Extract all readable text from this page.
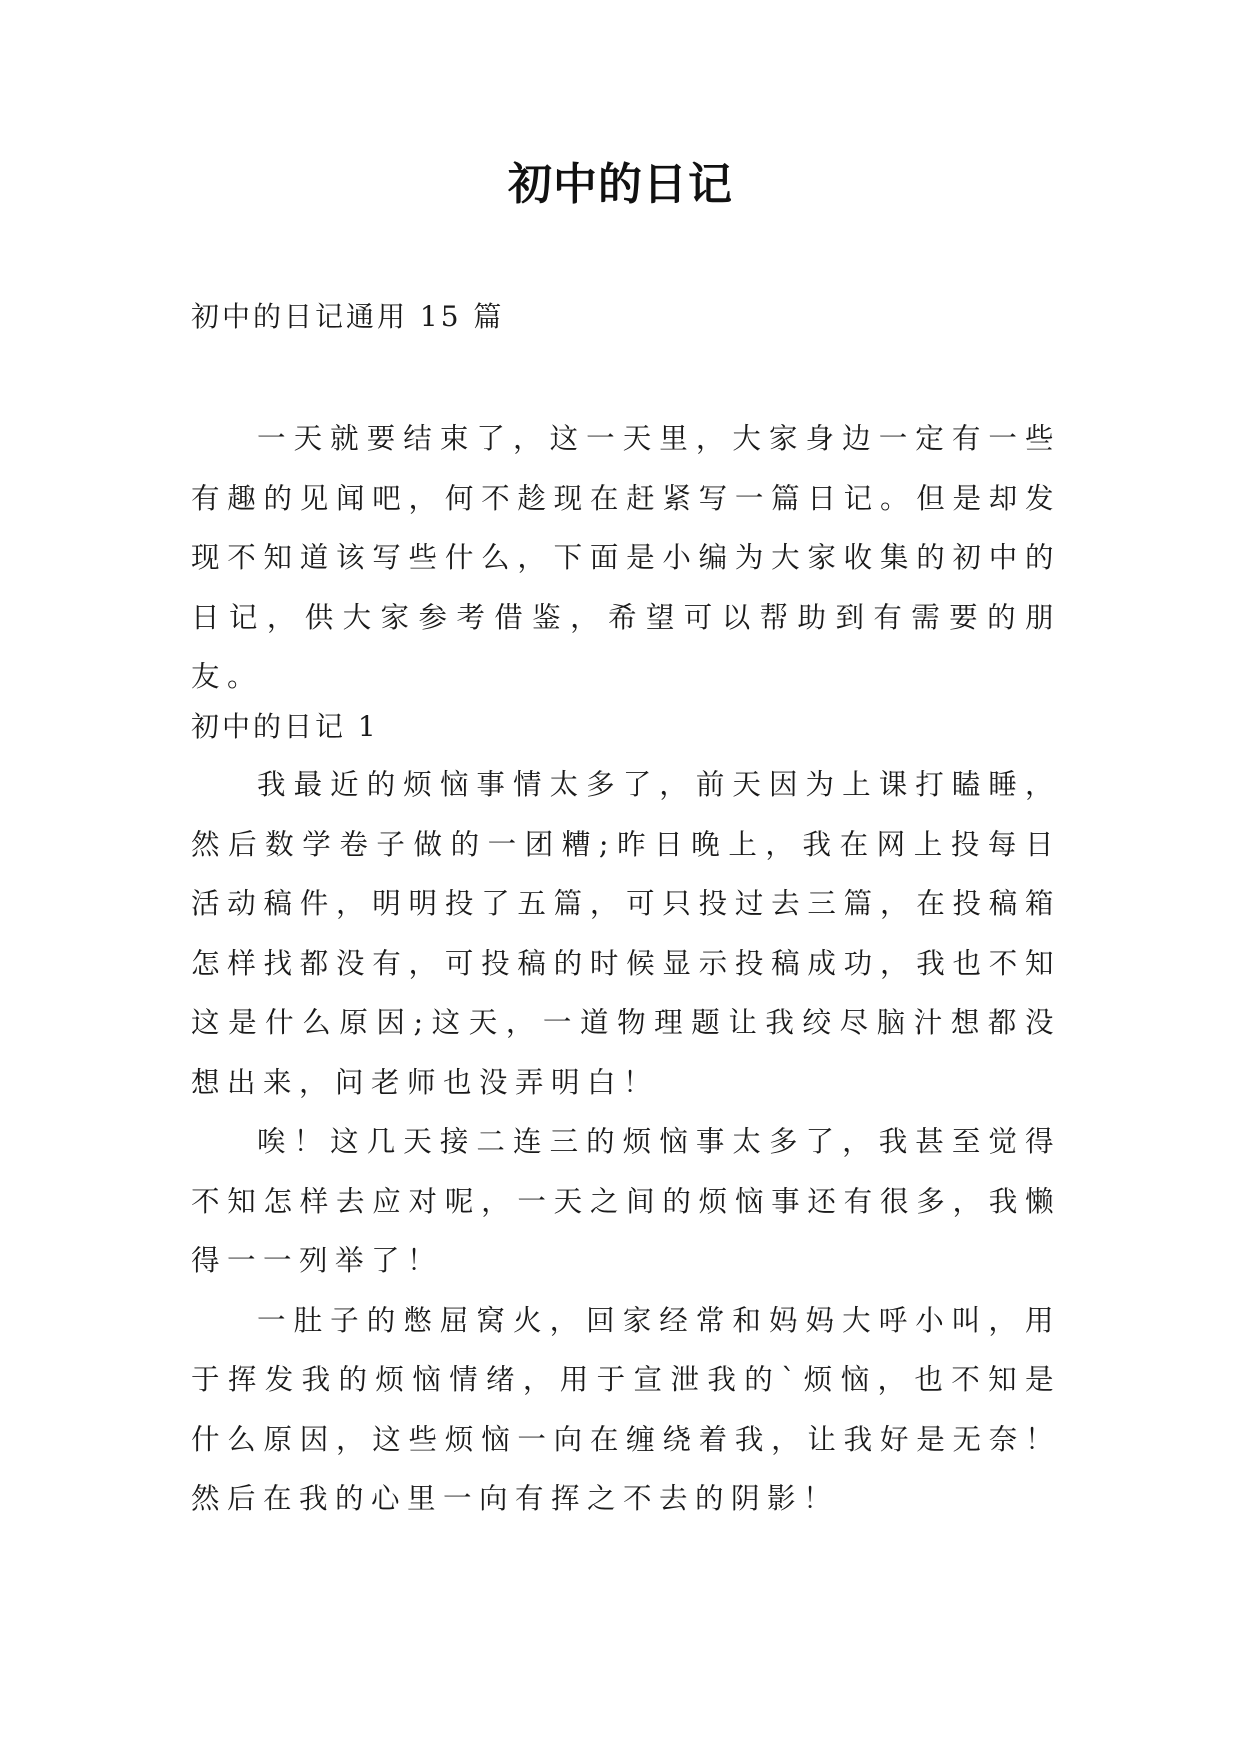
初中的日记

初中的日记通用 15 篇

一天就要结束了，这一天里，大家身边一定有一些有趣的见闻吧，何不趁现在赶紧写一篇日记。但是却发现不知道该写些什么，下面是小编为大家收集的初中的日记，供大家参考借鉴，希望可以帮助到有需要的朋友。

初中的日记 1

我最近的烦恼事情太多了，前天因为上课打瞌睡，然后数学卷子做的一团糟;昨日晚上，我在网上投每日活动稿件，明明投了五篇，可只投过去三篇，在投稿箱怎样找都没有，可投稿的时候显示投稿成功，我也不知这是什么原因;这天，一道物理题让我绞尽脑汁想都没想出来，问老师也没弄明白！

唉！这几天接二连三的烦恼事太多了，我甚至觉得不知怎样去应对呢，一天之间的烦恼事还有很多，我懒得一一列举了！

一肚子的憋屈窝火，回家经常和妈妈大呼小叫，用于挥发我的烦恼情绪，用于宣泄我的`烦恼，也不知是什么原因，这些烦恼一向在缠绕着我，让我好是无奈！然后在我的心里一向有挥之不去的阴影！
